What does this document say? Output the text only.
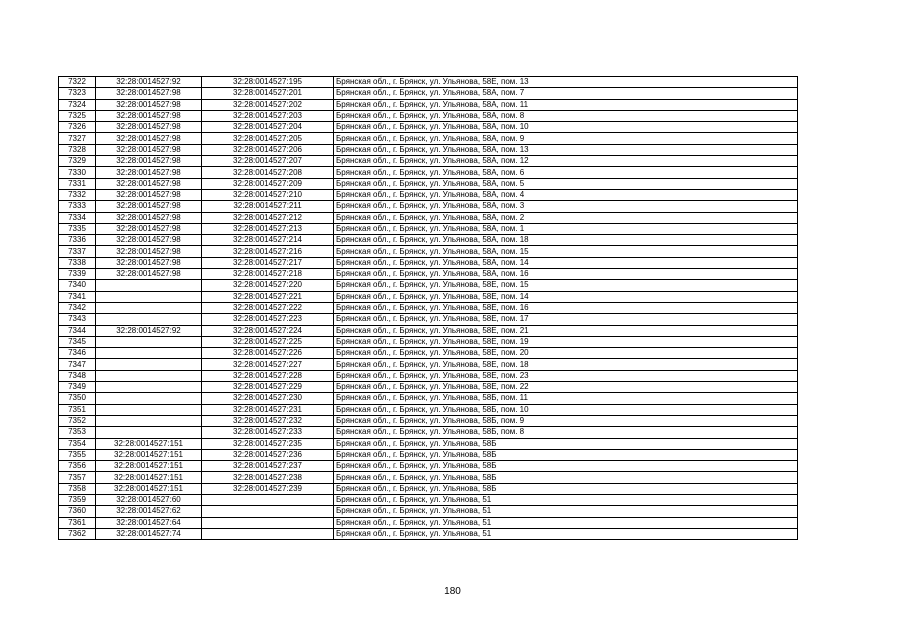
7322	32:28:0014527:92	32:28:0014527:195	Брянская обл., г. Брянск, ул. Ульянова, 58Е, пом. 13
7323	32:28:0014527:98	32:28:0014527:201	Брянская обл., г. Брянск, ул. Ульянова, 58А, пом. 7
7324	32:28:0014527:98	32:28:0014527:202	Брянская обл., г. Брянск, ул. Ульянова, 58А, пом. 11
7325	32:28:0014527:98	32:28:0014527:203	Брянская обл., г. Брянск, ул. Ульянова, 58А, пом. 8
7326	32:28:0014527:98	32:28:0014527:204	Брянская обл., г. Брянск, ул. Ульянова, 58А, пом. 10
7327	32:28:0014527:98	32:28:0014527:205	Брянская обл., г. Брянск, ул. Ульянова, 58А, пом. 9
7328	32:28:0014527:98	32:28:0014527:206	Брянская обл., г. Брянск, ул. Ульянова, 58А, пом. 13
7329	32:28:0014527:98	32:28:0014527:207	Брянская обл., г. Брянск, ул. Ульянова, 58А, пом. 12
7330	32:28:0014527:98	32:28:0014527:208	Брянская обл., г. Брянск, ул. Ульянова, 58А, пом. 6
7331	32:28:0014527:98	32:28:0014527:209	Брянская обл., г. Брянск, ул. Ульянова, 58А, пом. 5
7332	32:28:0014527:98	32:28:0014527:210	Брянская обл., г. Брянск, ул. Ульянова, 58А, пом. 4
7333	32:28:0014527:98	32:28:0014527:211	Брянская обл., г. Брянск, ул. Ульянова, 58А, пом. 3
7334	32:28:0014527:98	32:28:0014527:212	Брянская обл., г. Брянск, ул. Ульянова, 58А, пом. 2
7335	32:28:0014527:98	32:28:0014527:213	Брянская обл., г. Брянск, ул. Ульянова, 58А, пом. 1
7336	32:28:0014527:98	32:28:0014527:214	Брянская обл., г. Брянск, ул. Ульянова, 58А, пом. 18
7337	32:28:0014527:98	32:28:0014527:216	Брянская обл., г. Брянск, ул. Ульянова, 58А, пом. 15
7338	32:28:0014527:98	32:28:0014527:217	Брянская обл., г. Брянск, ул. Ульянова, 58А, пом. 14
7339	32:28:0014527:98	32:28:0014527:218	Брянская обл., г. Брянск, ул. Ульянова, 58А, пом. 16
7340		32:28:0014527:220	Брянская обл., г. Брянск, ул. Ульянова, 58Е, пом. 15
7341		32:28:0014527:221	Брянская обл., г. Брянск, ул. Ульянова, 58Е, пом. 14
7342		32:28:0014527:222	Брянская обл., г. Брянск, ул. Ульянова, 58Е, пом. 16
7343		32:28:0014527:223	Брянская обл., г. Брянск, ул. Ульянова, 58Е, пом. 17
7344	32:28:0014527:92	32:28:0014527:224	Брянская обл., г. Брянск, ул. Ульянова, 58Е, пом. 21
7345		32:28:0014527:225	Брянская обл., г. Брянск, ул. Ульянова, 58Е, пом. 19
7346		32:28:0014527:226	Брянская обл., г. Брянск, ул. Ульянова, 58Е, пом. 20
7347		32:28:0014527:227	Брянская обл., г. Брянск, ул. Ульянова, 58Е, пом. 18
7348		32:28:0014527:228	Брянская обл., г. Брянск, ул. Ульянова, 58Е, пом. 23
7349		32:28:0014527:229	Брянская обл., г. Брянск, ул. Ульянова, 58Е, пом. 22
7350		32:28:0014527:230	Брянская обл., г. Брянск, ул. Ульянова, 58Б, пом. 11
7351		32:28:0014527:231	Брянская обл., г. Брянск, ул. Ульянова, 58Б, пом. 10
7352		32:28:0014527:232	Брянская обл., г. Брянск, ул. Ульянова, 58Б, пом. 9
7353		32:28:0014527:233	Брянская обл., г. Брянск, ул. Ульянова, 58Б, пом. 8
7354	32:28:0014527:151	32:28:0014527:235	Брянская обл., г. Брянск, ул. Ульянова, 58Б
7355	32:28:0014527:151	32:28:0014527:236	Брянская обл., г. Брянск, ул. Ульянова, 58Б
7356	32:28:0014527:151	32:28:0014527:237	Брянская обл., г. Брянск, ул. Ульянова, 58Б
7357	32:28:0014527:151	32:28:0014527:238	Брянская обл., г. Брянск, ул. Ульянова, 58Б
7358	32:28:0014527:151	32:28:0014527:239	Брянская обл., г. Брянск, ул. Ульянова, 58Б
7359	32:28:0014527:60		Брянская обл., г. Брянск, ул. Ульянова, 51
7360	32:28:0014527:62		Брянская обл., г. Брянск, ул. Ульянова, 51
7361	32:28:0014527:64		Брянская обл., г. Брянск, ул. Ульянова, 51
7362	32:28:0014527:74		Брянская обл., г. Брянск, ул. Ульянова, 51
180
